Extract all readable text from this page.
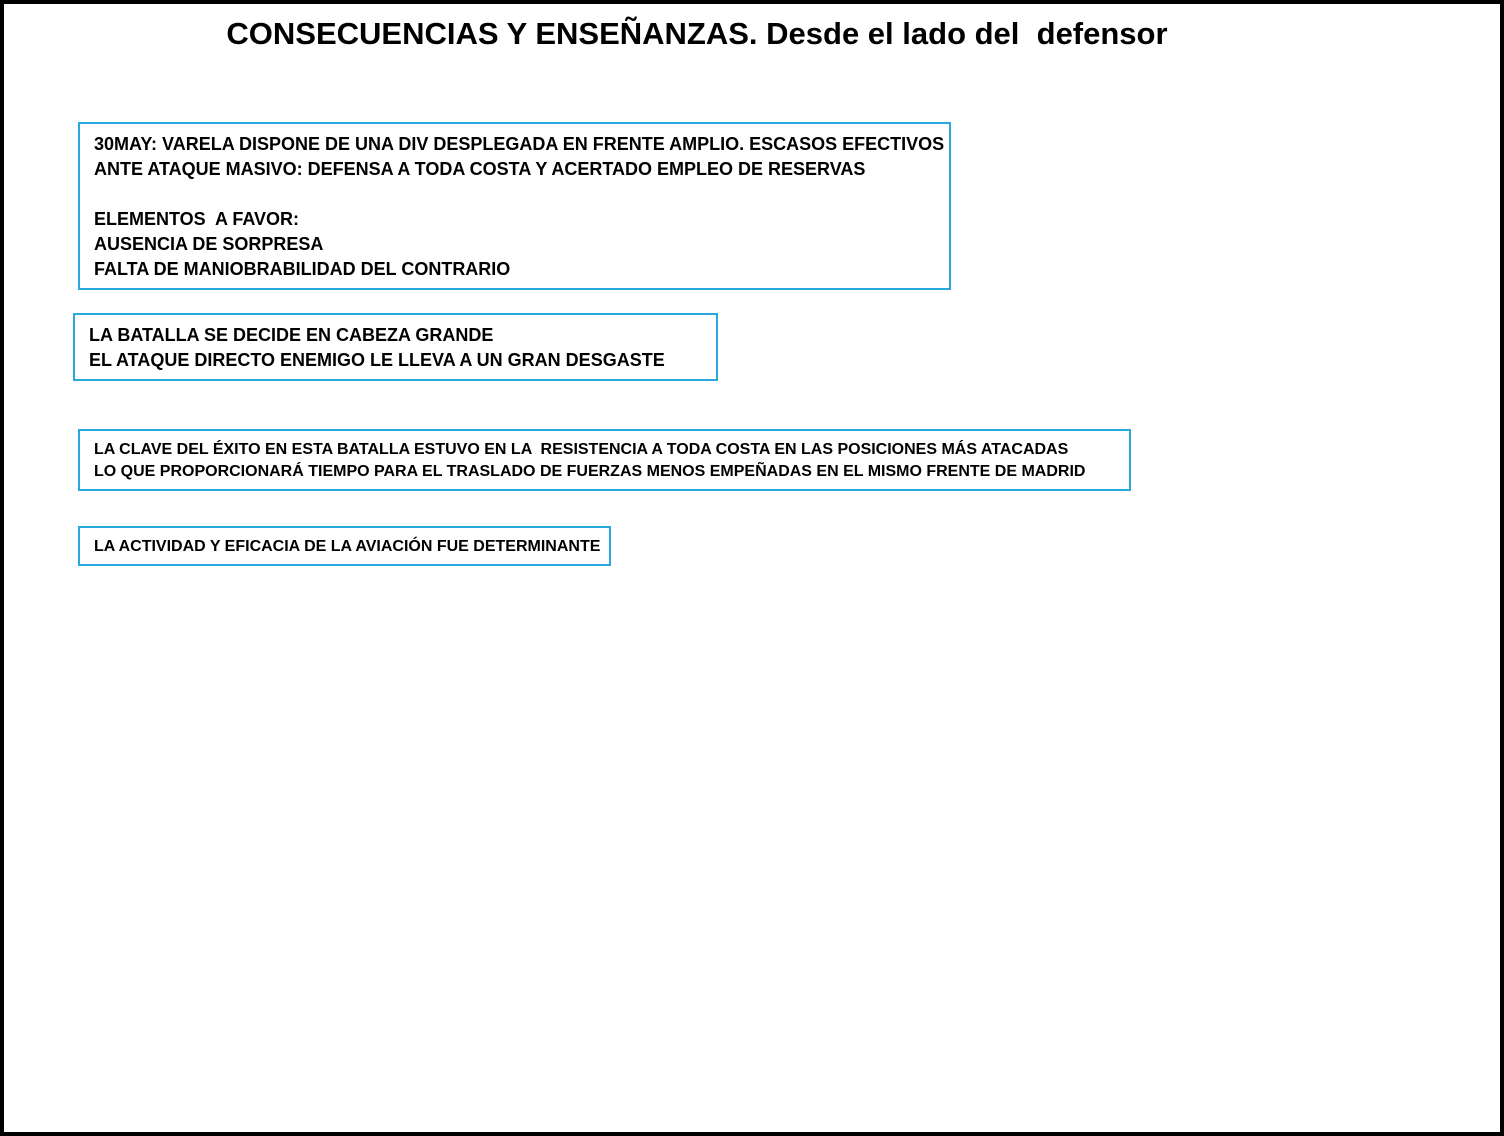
CONSECUENCIAS Y ENSEÑANZAS. Desde el lado del  defensor
30MAY: VARELA DISPONE DE UNA DIV DESPLEGADA EN FRENTE AMPLIO. ESCASOS EFECTIVOS
ANTE ATAQUE MASIVO: DEFENSA A TODA COSTA Y ACERTADO EMPLEO DE RESERVAS
ELEMENTOS  A FAVOR:
AUSENCIA DE SORPRESA
FALTA DE MANIOBRABILIDAD DEL CONTRARIO
LA BATALLA SE DECIDE EN CABEZA GRANDE
EL ATAQUE DIRECTO ENEMIGO LE LLEVA A UN GRAN DESGASTE
LA CLAVE DEL ÉXITO EN ESTA BATALLA ESTUVO EN LA  RESISTENCIA A TODA COSTA EN LAS POSICIONES MÁS ATACADAS
LO QUE PROPORCIONARÁ TIEMPO PARA EL TRASLADO DE FUERZAS MENOS EMPEÑADAS EN EL MISMO FRENTE DE MADRID
LA ACTIVIDAD Y EFICACIA DE LA AVIACIÓN FUE DETERMINANTE
